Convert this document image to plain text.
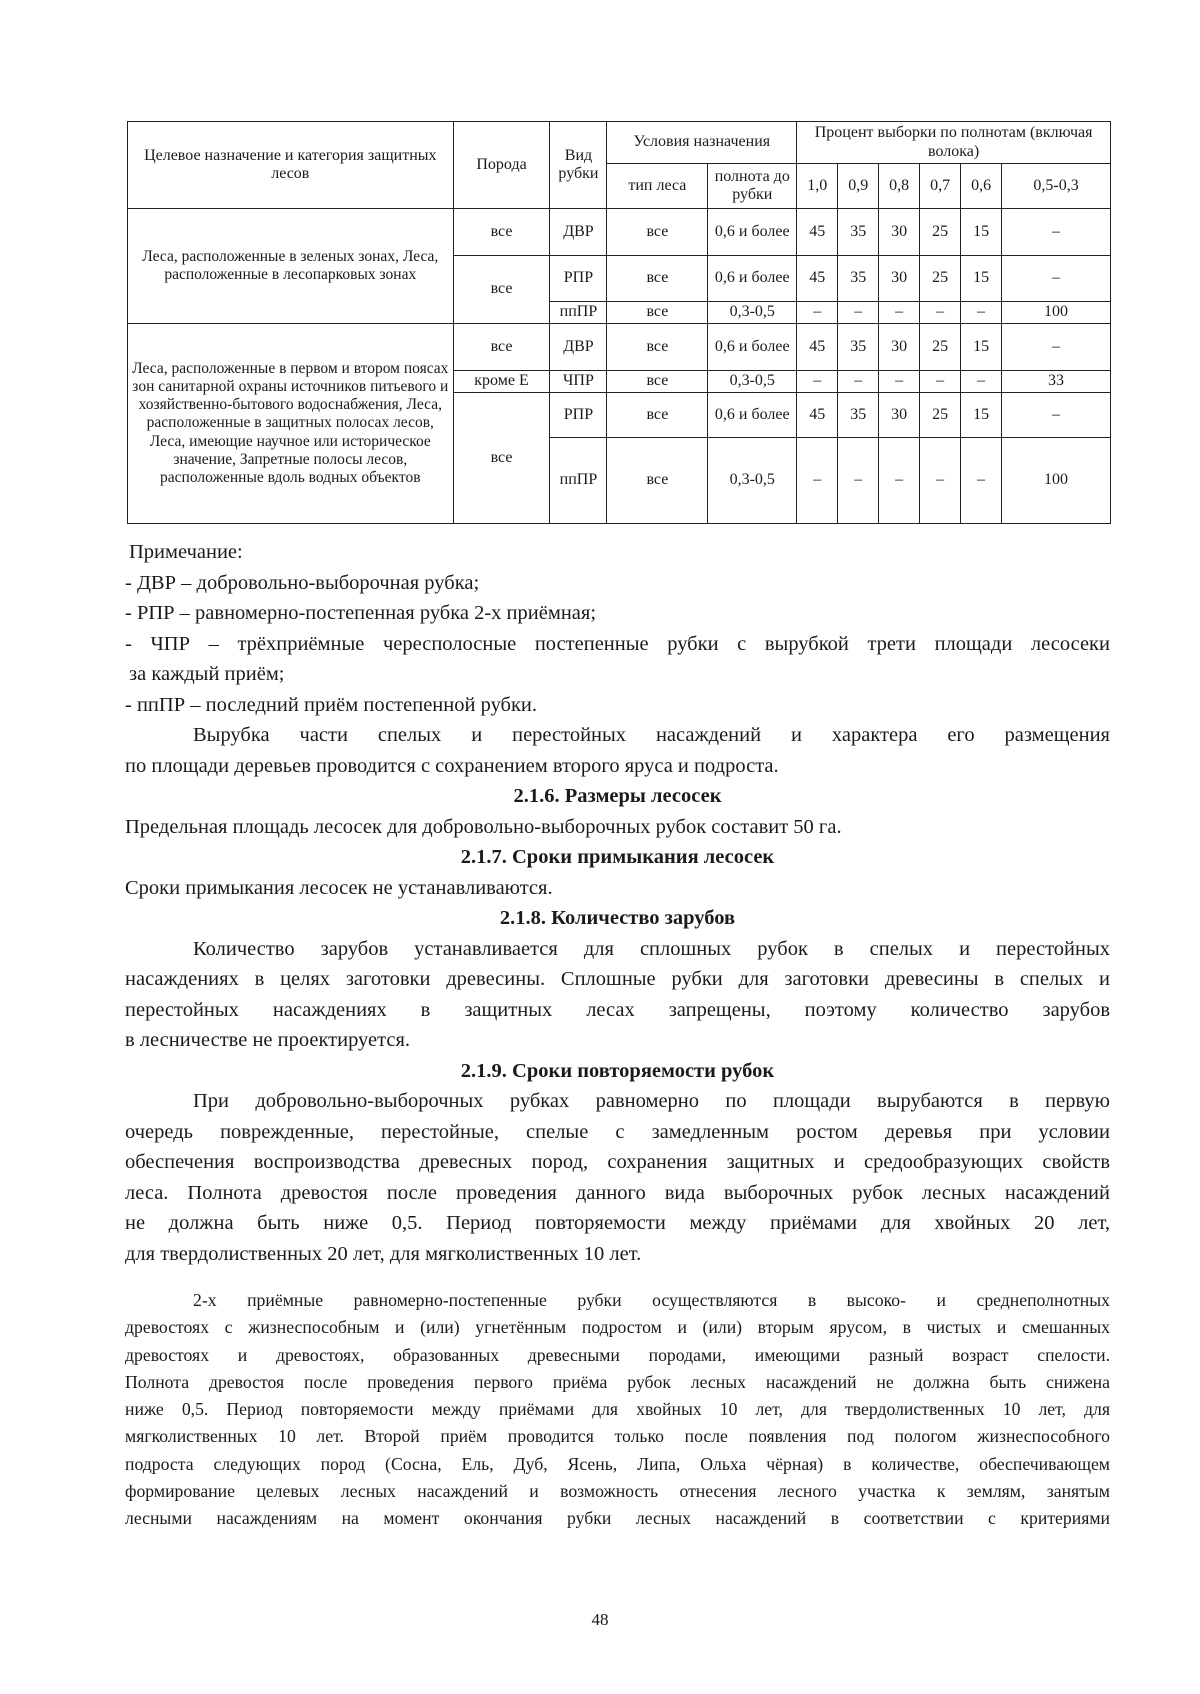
Целевое назначение и категория защитных лесов	Порода	Вид рубки	Условия назначения		Процент выборки по полнотам (включая волока)					
			тип леса	полнота до рубки	1,0	0,9	0,8	0,7	0,6	0,5-0,3
Леса, расположенные в зеленых зонах, Леса, расположенные в лесопарковых зонах	все	ДВР	все	0,6 и более	45	35	30	25	15	–
	все	РПР	все	0,6 и более	45	35	30	25	15	–
		ппПР	все	0,3-0,5	–	–	–	–	–	100
Леса, расположенные в первом и втором поясах зон санитарной охраны источников питьевого и хозяйственно-бытового водоснабжения, Леса, расположенные в защитных полосах лесов, Леса, имеющие научное или историческое значение, Запретные полосы лесов, расположенные вдоль водных объектов	все	ДВР	все	0,6 и более	45	35	30	25	15	–
	кроме Е	ЧПР	все	0,3-0,5	–	–	–	–	–	33
	все	РПР	все	0,6 и более	45	35	30	25	15	–
		ппПР	все	0,3-0,5	–	–	–	–	–	100
Примечание:
- ДВР – добровольно-выборочная рубка;
- РПР – равномерно-постепенная рубка 2-х приёмная;
- ЧПР – трёхприёмные чересполосные постепенные рубки с вырубкой трети площади лесосеки
за каждый приём;
- ппПР – последний приём постепенной рубки.
Вырубка части спелых и перестойных насаждений и характера его размещения
по площади деревьев проводится с сохранением второго яруса и подроста.
2.1.6. Размеры лесосек
Предельная площадь лесосек для добровольно-выборочных рубок составит 50 га.
2.1.7. Сроки примыкания лесосек
Сроки примыкания лесосек не устанавливаются.
2.1.8. Количество зарубов
Количество зарубов устанавливается для сплошных рубок в спелых и перестойных
насаждениях в целях заготовки древесины. Сплошные рубки для заготовки древесины в спелых и
перестойных насаждениях в защитных лесах запрещены, поэтому количество зарубов
в лесничестве не проектируется.
2.1.9. Сроки повторяемости рубок
При добровольно-выборочных рубках равномерно по площади вырубаются в первую
очередь поврежденные, перестойные, спелые с замедленным ростом деревья при условии
обеспечения воспроизводства древесных пород, сохранения защитных и средообразующих свойств
леса. Полнота древостоя после проведения данного вида выборочных рубок лесных насаждений
не должна быть ниже 0,5. Период повторяемости между приёмами для хвойных 20 лет,
для твердолиственных 20 лет, для мягколиственных 10 лет.
2-х приёмные равномерно-постепенные рубки осуществляются в высоко- и среднеполнотных
древостоях с жизнеспособным и (или) угнетённым подростом и (или) вторым ярусом, в чистых и смешанных
древостоях и древостоях, образованных древесными породами, имеющими разный возраст спелости.
Полнота древостоя после проведения первого приёма рубок лесных насаждений не должна быть снижена
ниже 0,5. Период повторяемости между приёмами для хвойных 10 лет, для твердолиственных 10 лет, для
мягколиственных 10 лет. Второй приём проводится только после появления под пологом жизнеспособного
подроста следующих пород (Сосна, Ель, Дуб, Ясень, Липа, Ольха чёрная) в количестве, обеспечивающем
формирование целевых лесных насаждений и возможность отнесения лесного участка к землям, занятым
лесными насаждениям на момент окончания рубки лесных насаждений в соответствии с критериями
48
